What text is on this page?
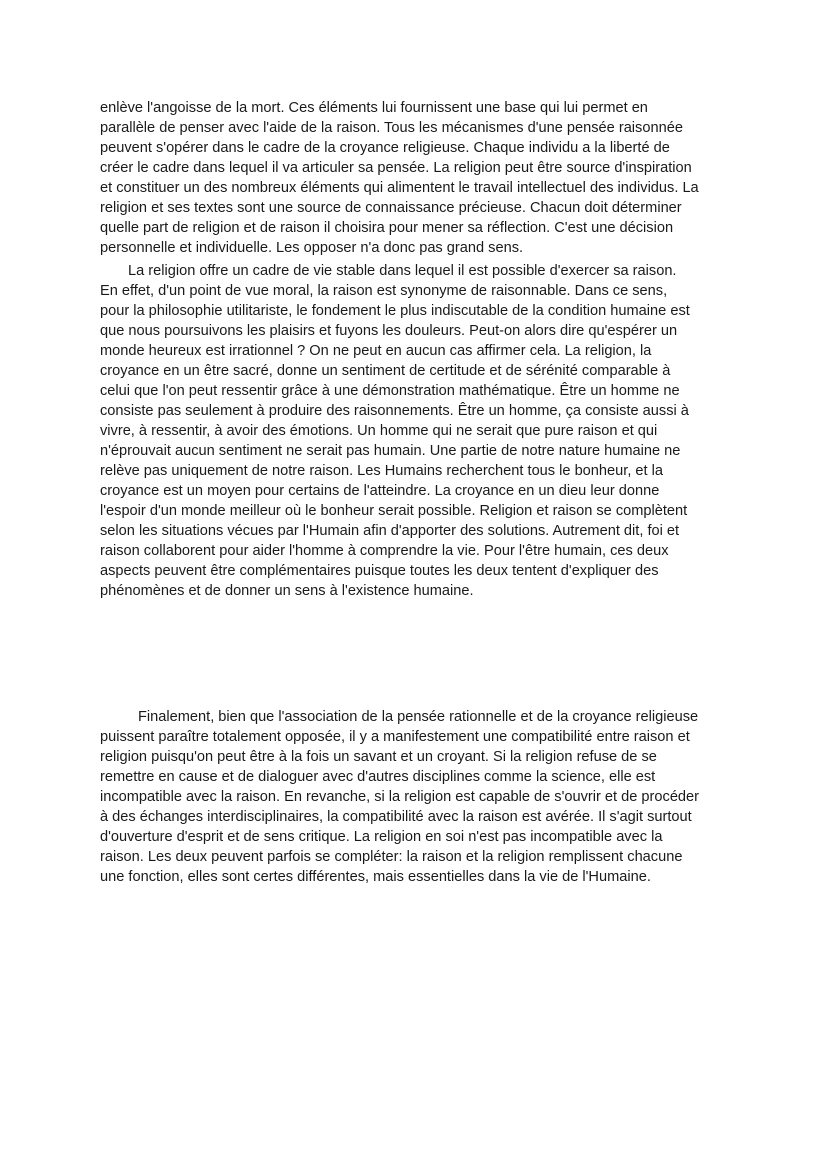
enlève l'angoisse de la mort. Ces éléments lui fournissent une base qui lui permet en

parallèle de penser avec l'aide de la raison. Tous les mécanismes d'une pensée raisonnée

peuvent s'opérer dans le cadre de la croyance religieuse. Chaque individu a la liberté de

créer le cadre dans lequel il va articuler sa pensée. La religion peut être source d'inspiration

et constituer un des nombreux éléments qui alimentent le travail intellectuel des individus. La

religion et ses textes sont une source de connaissance précieuse. Chacun doit déterminer

quelle part de religion et de raison il choisira pour mener sa réflection. C'est une décision

personnelle et individuelle. Les opposer n'a donc pas grand sens.

La religion offre un cadre de vie stable dans lequel il est possible d'exercer sa raison.

En effet, d'un point de vue moral, la raison est synonyme de raisonnable. Dans ce sens,

pour la philosophie utilitariste, le fondement le plus indiscutable de la condition humaine est

que nous poursuivons les plaisirs et fuyons les douleurs. Peut-on alors dire qu'espérer un

monde heureux est irrationnel ? On ne peut en aucun cas affirmer cela. La religion, la

croyance en un être sacré, donne un sentiment de certitude et de sérénité comparable à

celui que l'on peut ressentir grâce à une démonstration mathématique. Être un homme ne

consiste pas seulement à produire des raisonnements. Être un homme, ça consiste aussi à

vivre, à ressentir, à avoir des émotions. Un homme qui ne serait que pure raison et qui

n'éprouvait aucun sentiment ne serait pas humain. Une partie de notre nature humaine ne

relève pas uniquement de notre raison. Les Humains recherchent tous le bonheur, et la

croyance est un moyen pour certains de l'atteindre. La croyance en un dieu leur donne

l'espoir d'un monde meilleur où le bonheur serait possible. Religion et raison se complètent

selon les situations vécues par l'Humain afin d'apporter des solutions. Autrement dit, foi et

raison collaborent pour aider l'homme à comprendre la vie. Pour l'être humain, ces deux

aspects peuvent être complémentaires puisque toutes les deux tentent d'expliquer des

phénomènes et de donner un sens à l'existence humaine.

Finalement, bien que l'association de la pensée rationnelle et de la croyance religieuse

puissent paraître totalement opposée, il y a manifestement une compatibilité entre raison et

religion puisqu'on peut être à la fois un savant et un croyant. Si la religion refuse de se

remettre en cause et de dialoguer avec d'autres disciplines comme la science, elle est

incompatible avec la raison. En revanche, si la religion est capable de s'ouvrir et de procéder

à des échanges interdisciplinaires, la compatibilité avec la raison est avérée. Il s'agit surtout

d'ouverture d'esprit et de sens critique. La religion en soi n'est pas incompatible avec la

raison. Les deux peuvent parfois se compléter: la raison et la religion remplissent chacune

une fonction, elles sont certes différentes, mais essentielles dans la vie de l'Humaine.
